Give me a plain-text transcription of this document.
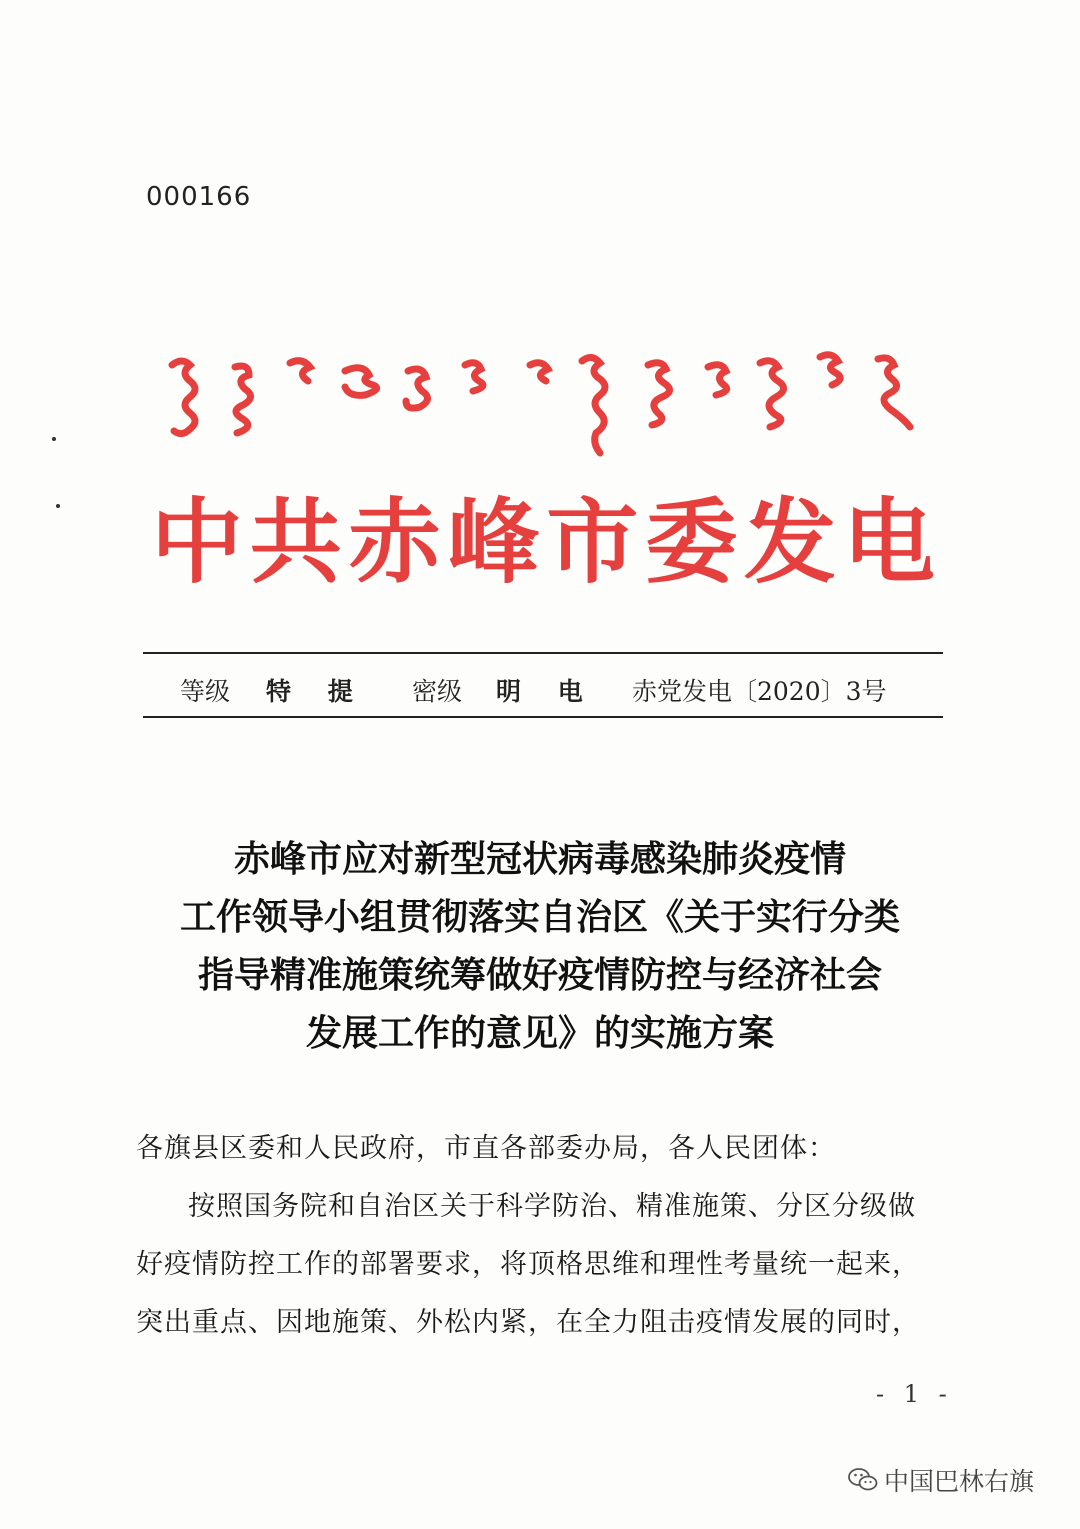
000166
中 共 赤 峰 市 委 发 电
等级 特 提 密级 明 电 赤党发电〔2020〕3号
赤峰市应对新型冠状病毒感染肺炎疫情
工作领导小组贯彻落实自治区《关于实行分类
指导精准施策统筹做好疫情防控与经济社会
发展工作的意见》的实施方案
各旗县区委和人民政府，市直各部委办局，各人民团体：
按照国务院和自治区关于科学防治、精准施策、分区分级做
好疫情防控工作的部署要求，将顶格思维和理性考量统一起来，
突出重点、因地施策、外松内紧，在全力阻击疫情发展的同时，
- 1 -
中国巴林右旗
